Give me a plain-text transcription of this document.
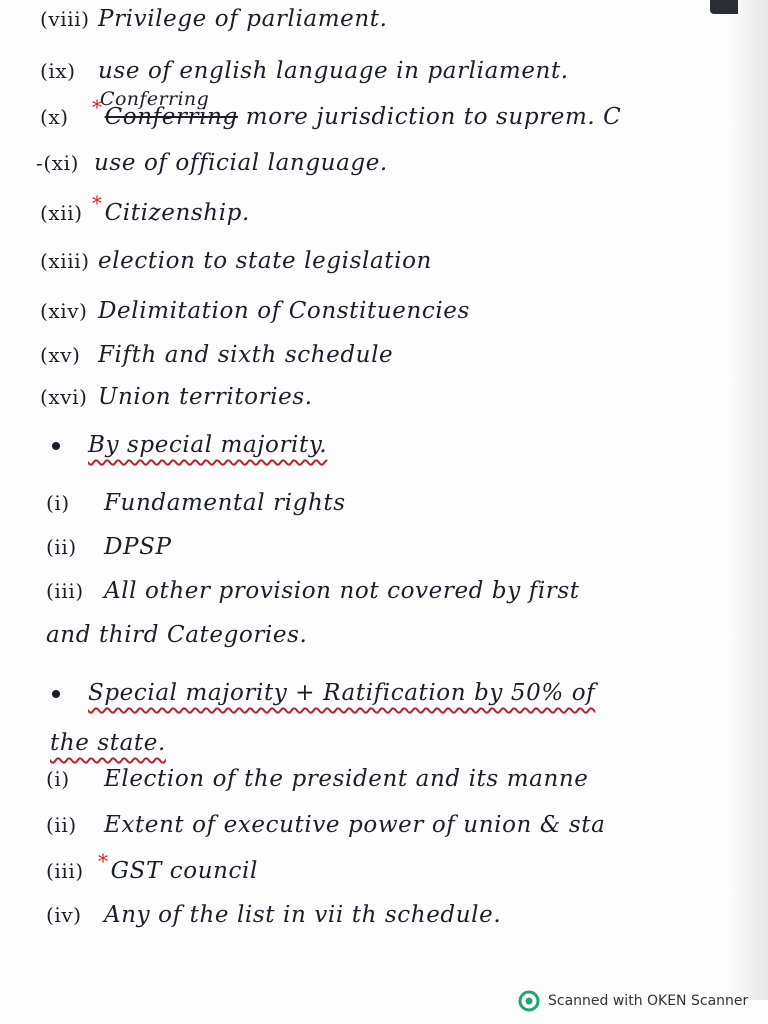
(viii) Privilege of parliament.
(ix) use of english language in parliament.
Conferring
(x) *Conferring more jurisdiction to suprem. C
-(xi) use of official language.
(xii) *Citizenship.
(xiii) election to state legislation
(xiv) Delimitation of Constituencies
(xv) Fifth and sixth schedule
(xvi) Union territories.
By special majority.
(i) Fundamental rights
(ii) DPSP
(iii) All other provision not covered by first
and third Categories.
Special majority + Ratification by 50% of
the state.
(i) Election of the president and its manne
(ii) Extent of executive power of union & sta
(iii) *GST council
(iv) Any of the list in vii th schedule.
Scanned with OKEN Scanner
